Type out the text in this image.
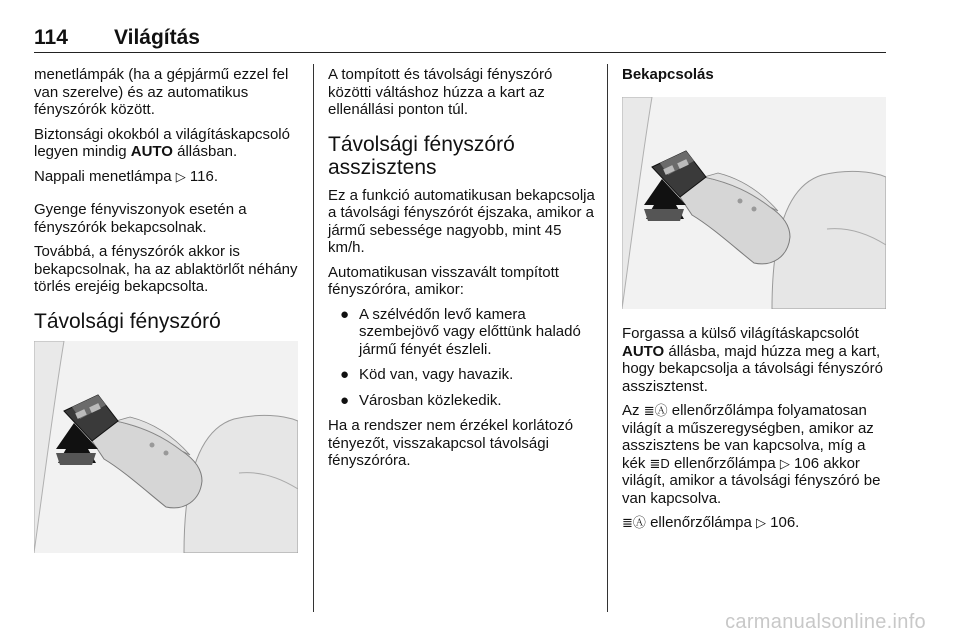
114 Világítás

menetlámpák (ha a gépjármű ezzel fel van szerelve) és az automatikus fényszórók között.

Biztonsági okokból a világításkapcsoló legyen mindig AUTO állásban.

Nappali menetlámpa ▷ 116.

Gyenge fényviszonyok esetén a fényszórók bekapcsolnak.

Továbbá, a fényszórók akkor is bekapcsolnak, ha az ablaktörlőt néhány törlés erejéig bekapcsolta.

Távolsági fényszóró

A tompított és távolsági fényszóró közötti váltáshoz húzza a kart az ellenállási ponton túl.

Távolsági fényszóró asszisztens

Ez a funkció automatikusan bekapcsolja a távolsági fényszórót éjszaka, amikor a jármű sebessége nagyobb, mint 45 km/h.

Automatikusan visszavált tompított fényszóróra, amikor:

● A szélvédőn levő kamera szembejövő vagy előttünk haladó jármű fényét észleli.
● Köd van, vagy havazik.
● Városban közlekedik.

Ha a rendszer nem érzékel korlátozó tényezőt, visszakapcsol távolsági fényszóróra.

Bekapcsolás

Forgassa a külső világításkapcsolót AUTO állásba, majd húzza meg a kart, hogy bekapcsolja a távolsági fényszóró asszisztenst.

Az ≣Ⓐ ellenőrzőlámpa folyamatosan világít a műszeregységben, amikor az asszisztens be van kapcsolva, míg a kék ≣D ellenőrzőlámpa ▷ 106 akkor világít, amikor a távolsági fényszóró be van kapcsolva.

≣Ⓐ ellenőrzőlámpa ▷ 106.

carmanualsonline.info
